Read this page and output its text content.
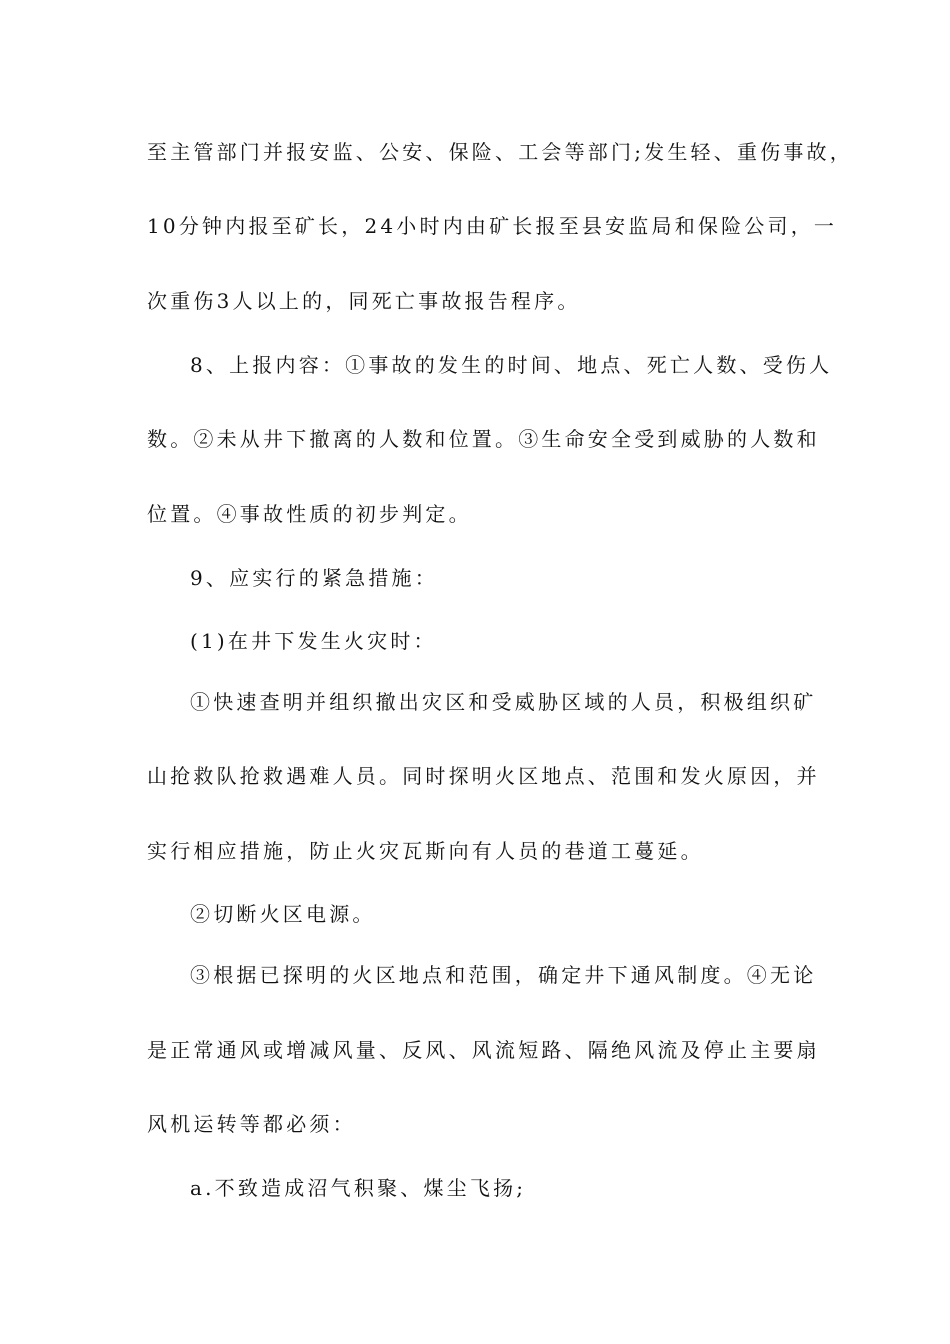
至主管部门并报安监、公安、保险、工会等部门;发生轻、重伤事故，
10分钟内报至矿长，24小时内由矿长报至县安监局和保险公司，一
次重伤3人以上的，同死亡事故报告程序。
8、上报内容：①事故的发生的时间、地点、死亡人数、受伤人
数。②未从井下撤离的人数和位置。③生命安全受到威胁的人数和
位置。④事故性质的初步判定。
9、应实行的紧急措施：
(1)在井下发生火灾时：
①快速查明并组织撤出灾区和受威胁区域的人员，积极组织矿
山抢救队抢救遇难人员。同时探明火区地点、范围和发火原因，并
实行相应措施，防止火灾瓦斯向有人员的巷道工蔓延。
②切断火区电源。
③根据已探明的火区地点和范围，确定井下通风制度。④无论
是正常通风或增减风量、反风、风流短路、隔绝风流及停止主要扇
风机运转等都必须：
a.不致造成沼气积聚、煤尘飞扬;
